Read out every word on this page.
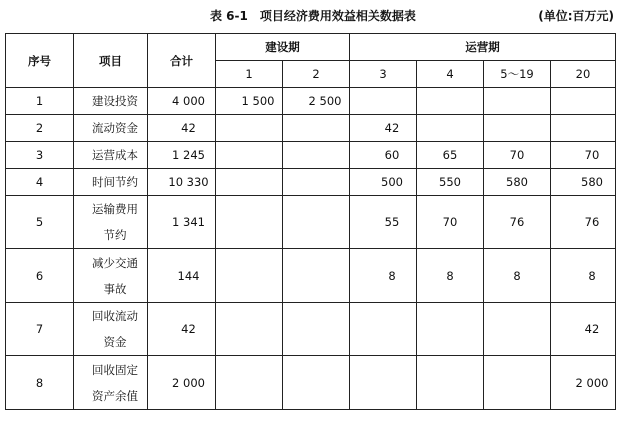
表 6-1　项目经济费用效益相关数据表	(单位:百万元)
序号	项目	合计	建设期		运营期			
			1	2	3	4	5～19	20
1	建设投资	4 000	1 500	2 500				
2	流动资金	42			42			
3	运营成本	1 245			60	65	70	70
4	时间节约	10 330			500	550	580	580
5	运输费用
节约	1 341			55	70	76	76
6	减少交通
事故	144			8	8	8	8
7	回收流动
资金	42						42
8	回收固定
资产余值	2 000						2 000
